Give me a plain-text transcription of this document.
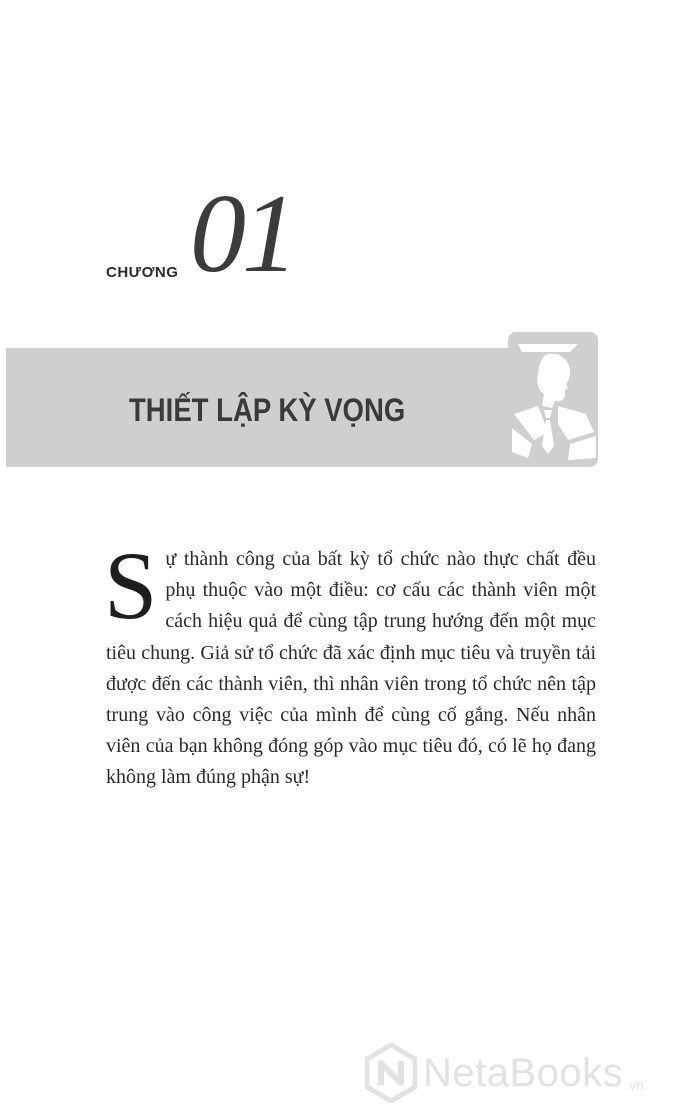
CHƯƠNG 01
THIẾT LẬP KỲ VỌNG
Sự thành công của bất kỳ tổ chức nào thực chất đều phụ thuộc vào một điều: cơ cấu các thành viên một cách hiệu quả để cùng tập trung hướng đến một mục tiêu chung. Giả sử tổ chức đã xác định mục tiêu và truyền tải được đến các thành viên, thì nhân viên trong tổ chức nên tập trung vào công việc của mình để cùng cố gắng. Nếu nhân viên của bạn không đóng góp vào mục tiêu đó, có lẽ họ đang không làm đúng phận sự!
NetaBooks .vn
